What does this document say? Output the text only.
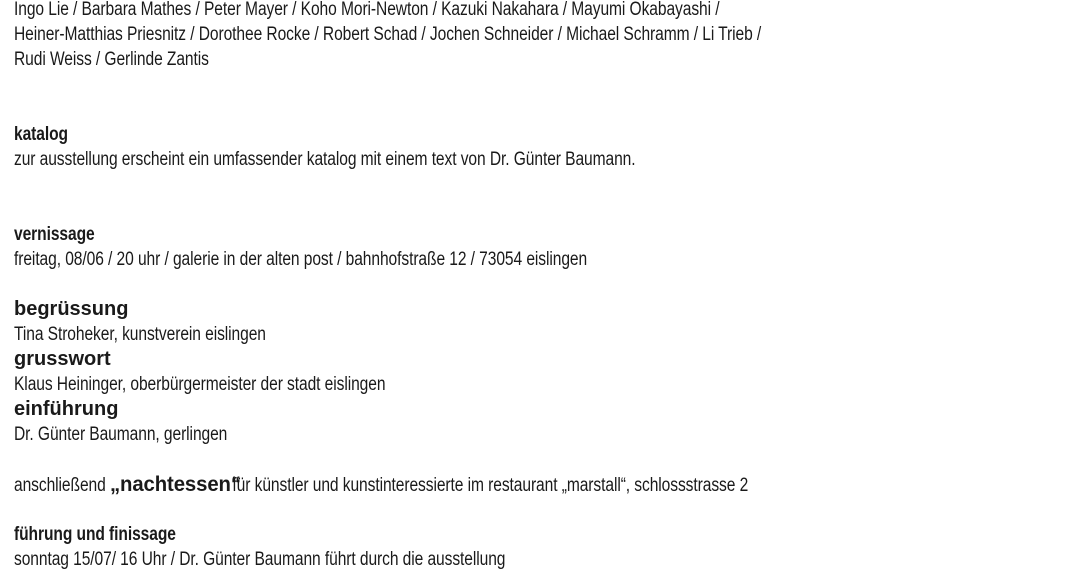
Ingo Lie / Barbara Mathes / Peter Mayer / Koho Mori-Newton / Kazuki Nakahara / Mayumi Okabayashi /
Heiner-Matthias Priesnitz / Dorothee Rocke / Robert Schad / Jochen Schneider / Michael Schramm / Li Trieb /
Rudi Weiss / Gerlinde Zantis
katalog
zur ausstellung erscheint ein umfassender katalog mit einem text von Dr. Günter Baumann.
vernissage
freitag, 08/06 / 20 uhr / galerie in der alten post / bahnhofstraße 12 / 73054 eislingen
begrüssung
Tina Stroheker, kunstverein eislingen
grusswort
Klaus Heininger, oberbürgermeister der stadt eislingen
einführung
Dr. Günter Baumann, gerlingen
anschließend „nachtessen“für künstler und kunstinteressierte im restaurant „marstall“, schlossstrasse 2
führung und finissage
sonntag 15/07/ 16 Uhr / Dr. Günter Baumann führt durch die ausstellung
